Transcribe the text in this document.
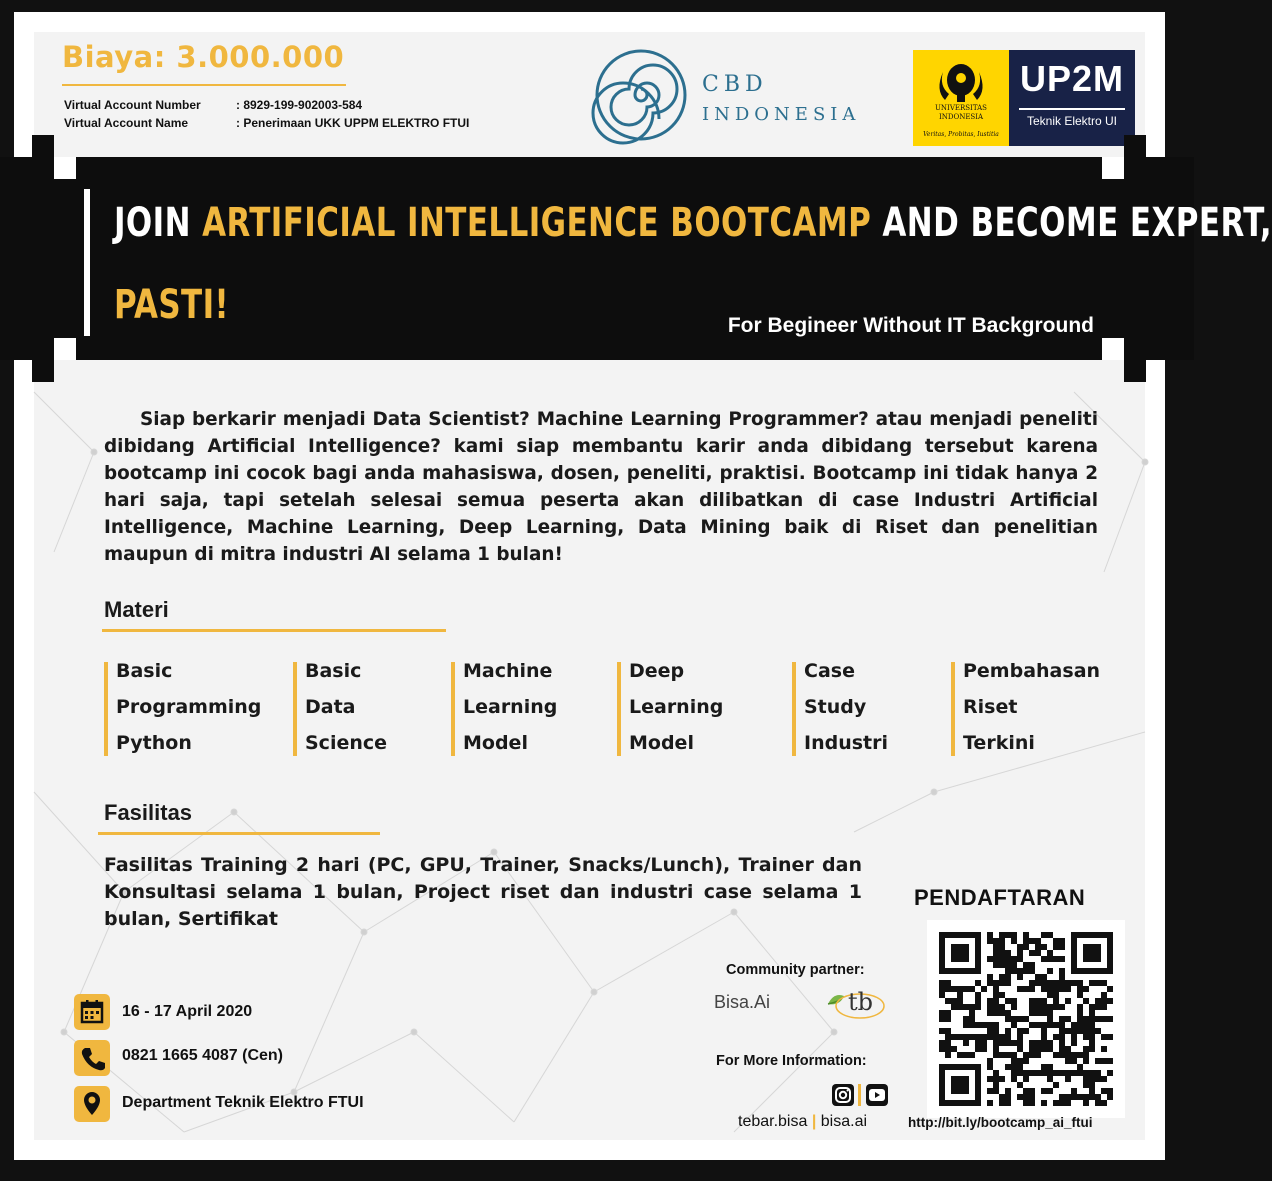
Biaya: 3.000.000
Virtual Account Number	: 8929-199-902003-584
Virtual Account Name	: Penerimaan UKK UPPM ELEKTRO FTUI
CBD
INDONESIA	UNIVERSITAS
INDONESIA
Veritas, Probitas, Iustitia
UP2M
Teknik Elektro UI
JOIN ARTIFICIAL INTELLIGENCE BOOTCAMP AND BECOME EXPERT,
PASTI!	For Begineer Without IT Background
Siap berkarir menjadi Data Scientist? Machine Learning Programmer? atau menjadi peneliti dibidang Artificial Intelligence? kami siap membantu karir anda dibidang tersebut karena bootcamp ini cocok bagi anda mahasiswa, dosen, peneliti, praktisi. Bootcamp ini tidak hanya 2 hari saja, tapi setelah selesai semua peserta akan dilibatkan di case Industri Artificial Intelligence, Machine Learning, Deep Learning, Data Mining baik di Riset dan penelitian maupun di mitra industri AI selama 1 bulan!
Materi
Basic
Programming
Python
Basic
Data
Science
Machine
Learning
Model
Deep
Learning
Model
Case
Study
Industri
Pembahasan
Riset
Terkini
Fasilitas
Fasilitas Training 2 hari (PC, GPU, Trainer, Snacks/Lunch), Trainer dan Konsultasi selama 1 bulan, Project riset dan industri case selama 1 bulan, Sertifikat
16 - 17 April 2020
0821 1665 4087 (Cen)
Department Teknik Elektro FTUI
Community partner:
Bisa.Ai	tb
For More Information:
tebar.bisa | bisa.ai
PENDAFTARAN
http://bit.ly/bootcamp_ai_ftui
